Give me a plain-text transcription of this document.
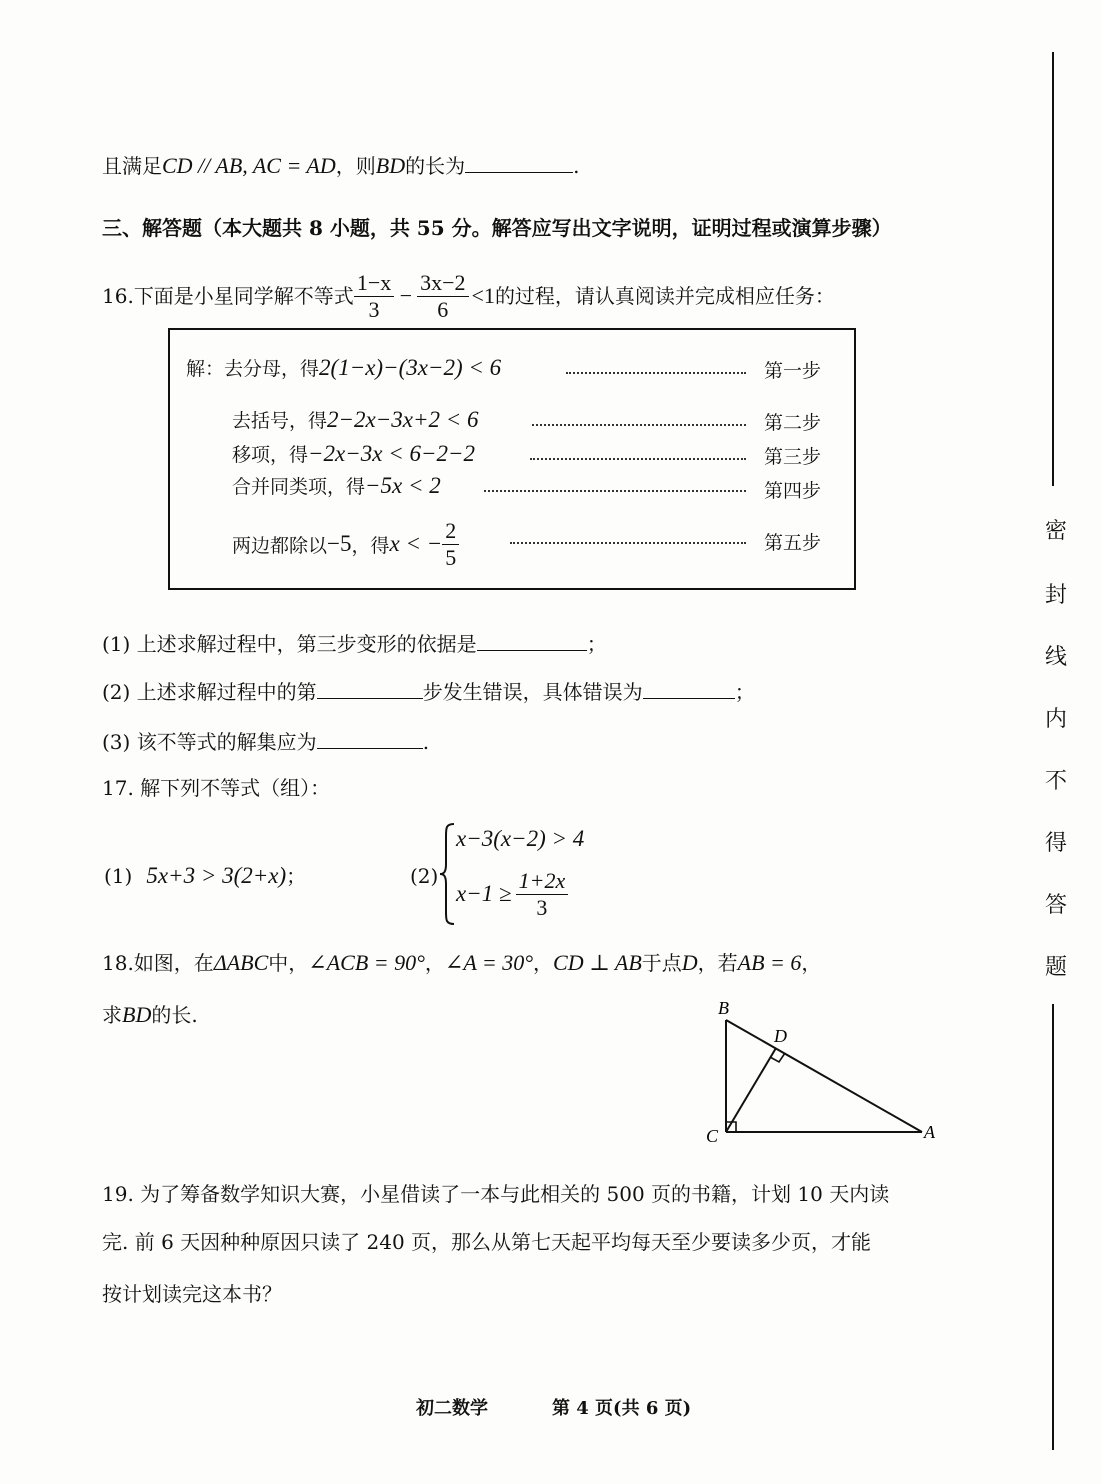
且满足CD // AB, AC = AD，则BD的长为	.
三、解答题（本大题共 8 小题，共 55 分。解答应写出文字说明，证明过程或演算步骤）
16. 下面是小星同学解不等式 $\frac{1-x}{3} - \frac{3x-2}{6} <1$ 的过程，请认真阅读并完成相应任务：
解：去分母，得2(1−x)−(3x−2) < 6	第一步
去括号，得2−2x−3x+2 < 6	第二步
移项，得−2x−3x < 6−2−2	第三步
合并同类项，得−5x < 2	第四步
两边都除以 −5 ，得 x < − $\frac{2}{5}$	第五步
(1) 上述求解过程中，第三步变形的依据是	；
(2) 上述求解过程中的第	步发生错误，具体错误为	；
(3) 该不等式的解集应为	.
17. 解下列不等式（组）：
(1) 5x+3 > 3(2+x)；	(2)
x−3(x−2) > 4
$x-1 \ge \frac{1+2x}{3}$
18.如图，在ΔABC中，∠ACB = 90°，∠A = 30°，CD ⊥ AB于点D，若AB = 6，
求BD的长.	B
D
C	A
19. 为了筹备数学知识大赛，小星借读了一本与此相关的 500 页的书籍，计划 10 天内读
完. 前 6 天因种种原因只读了 240 页，那么从第七天起平均每天至少要读多少页，才能
按计划读完这本书？
初二数学	第 4 页(共 6 页)
密
封
线
内
不
得
答
题
